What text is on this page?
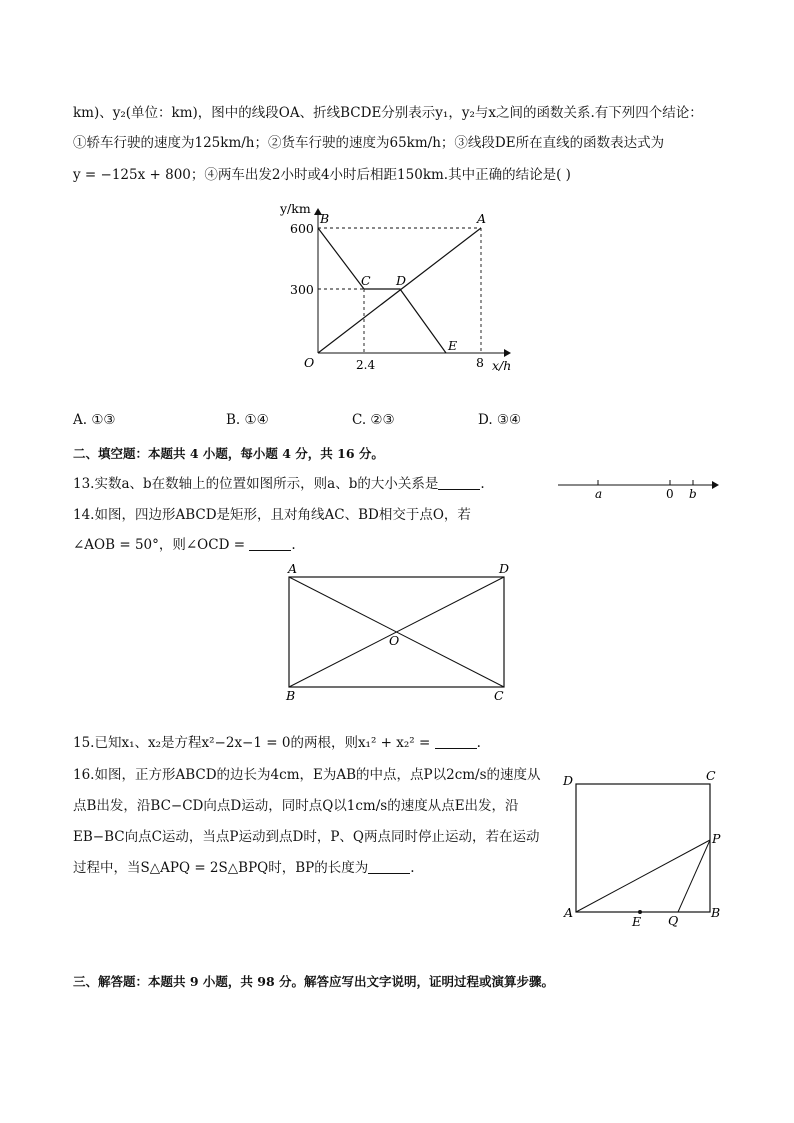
km)、y₂(单位：km)，图中的线段OA、折线BCDE分别表示y₁，y₂与x之间的函数关系.有下列四个结论：
①轿车行驶的速度为125km/h；②货车行驶的速度为65km/h；③线段DE所在直线的函数表达式为
y = −125x + 800；④两车出发2小时或4小时后相距150km.其中正确的结论是( )
y/km
x/h
600
300
2.4	8
O
B	A
C D
E
A. ①③	B. ①④	C. ②③	D. ③④
二、填空题：本题共 4 小题，每小题 4 分，共 16 分。
13.实数a、b在数轴上的位置如图所示，则a、b的大小关系是	.
a	0 b
14.如图，四边形ABCD是矩形，且对角线AC、BD相交于点O，若
∠AOB = 50°，则∠OCD =	.
A	D
B	C
O
15.已知x₁、x₂是方程x²−2x−1 = 0的两根，则x₁² + x₂² =	.
16.如图，正方形ABCD的边长为4cm，E为AB的中点，点P以2cm/s的速度从
点B出发，沿BC−CD向点D运动，同时点Q以1cm/s的速度从点E出发，沿
EB−BC向点C运动，当点P运动到点D时，P、Q两点同时停止运动，若在运动
过程中，当S△APQ = 2S△BPQ时，BP的长度为	.
D	C
A	B
P
E Q
三、解答题：本题共 9 小题，共 98 分。解答应写出文字说明，证明过程或演算步骤。
